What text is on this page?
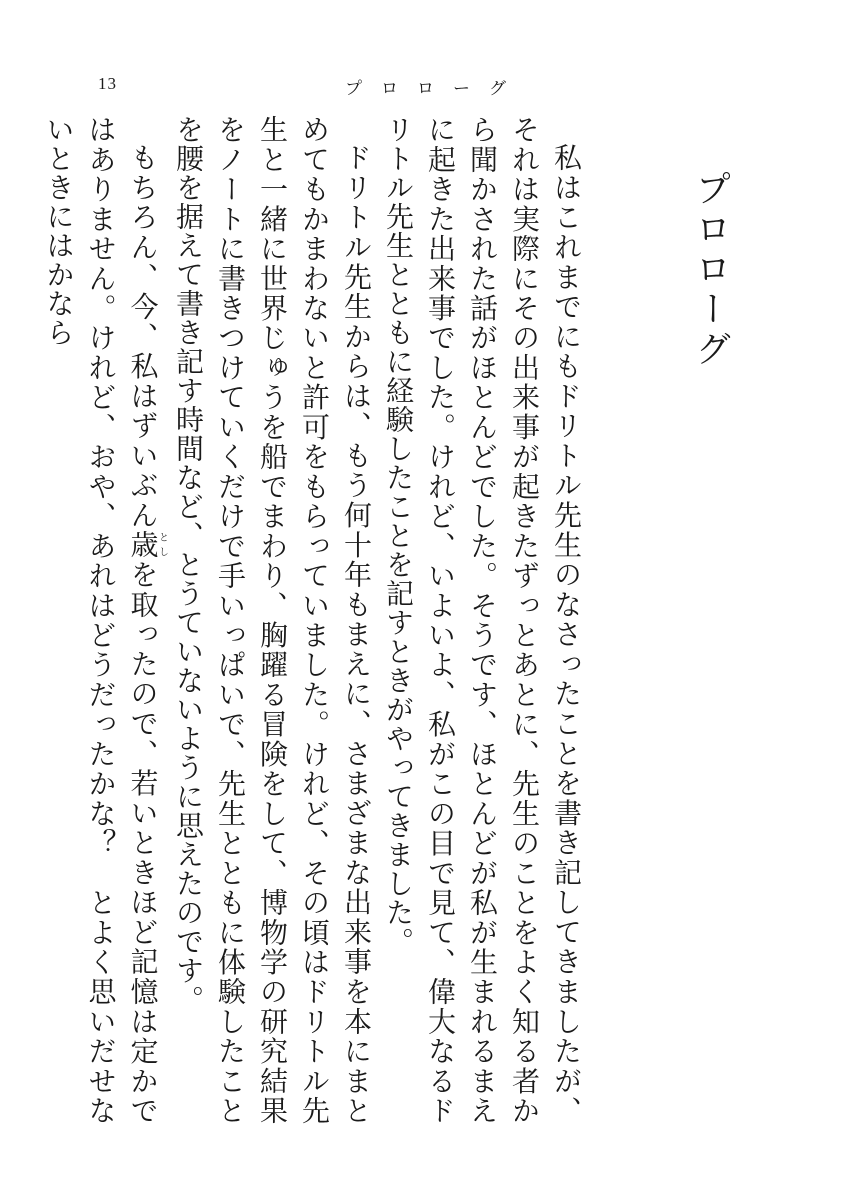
13	プロローグ
プロローグ

私はこれまでにもドリトル先生のなさったことを書き記してきましたが、それは実際にその出来事が起きたずっとあとに、先生のことをよく知る者から聞かされた話がほとんどでした。そうです、ほとんどが私が生まれるまえに起きた出来事でした。けれど、いよいよ、私がこの目で見て、偉大なるドリトル先生とともに経験したことを記すときがやってきました。

ドリトル先生からは、もう何十年もまえに、さまざまな出来事を本にまとめてもかまわないと許可をもらっていました。けれど、その頃はドリトル先生と一緒に世界じゅうを船でまわり、胸躍る冒険をして、博物学の研究結果をノートに書きつけていくだけで手いっぱいで、先生とともに体験したことを腰を据えて書き記す時間など、とうていないように思えたのです。

もちろん、今、私はずいぶん歳としを取ったので、若いときほど記憶は定かではありません。けれど、おや、あれはどうだったかな？　とよく思いだせないときにはかなら
